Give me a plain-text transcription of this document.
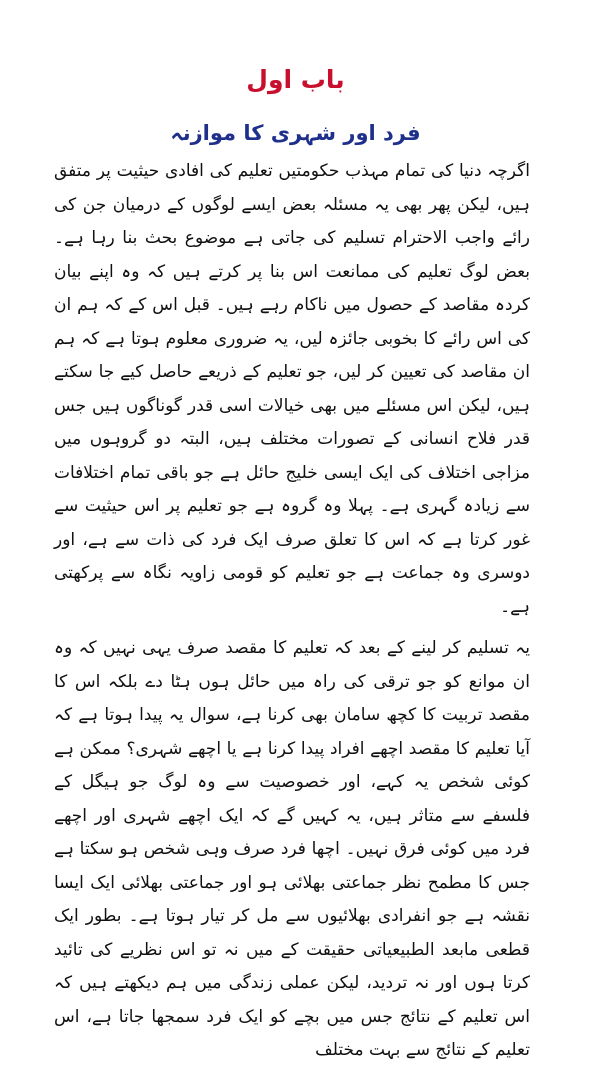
باب اول
فرد اور شہری کا موازنہ

اگرچہ دنیا کی تمام مہذب حکومتیں تعلیم کی افادی حیثیت پر متفق ہیں، لیکن پھر بھی یہ مسئلہ بعض ایسے لوگوں کے درمیان جن کی رائے واجب الاحترام تسلیم کی جاتی ہے موضوع بحث بنا رہا ہے۔ بعض لوگ تعلیم کی ممانعت اس بنا پر کرتے ہیں کہ وہ اپنے بیان کردہ مقاصد کے حصول میں ناکام رہے ہیں۔ قبل اس کے کہ ہم ان کی اس رائے کا بخوبی جائزہ لیں، یہ ضروری معلوم ہوتا ہے کہ ہم ان مقاصد کی تعیین کر لیں، جو تعلیم کے ذریعے حاصل کیے جا سکتے ہیں، لیکن اس مسئلے میں بھی خیالات اسی قدر گوناگوں ہیں جس قدر فلاح انسانی کے تصورات مختلف ہیں، البتہ دو گروہوں میں مزاجی اختلاف کی ایک ایسی خلیج حائل ہے جو باقی تمام اختلافات سے زیادہ گہری ہے۔ پہلا وہ گروہ ہے جو تعلیم پر اس حیثیت سے غور کرتا ہے کہ اس کا تعلق صرف ایک فرد کی ذات سے ہے، اور دوسری وہ جماعت ہے جو تعلیم کو قومی زاویہ نگاہ سے پرکھتی ہے۔

یہ تسلیم کر لینے کے بعد کہ تعلیم کا مقصد صرف یہی نہیں کہ وہ ان موانع کو جو ترقی کی راہ میں حائل ہوں ہٹا دے بلکہ اس کا مقصد تربیت کا کچھ سامان بھی کرنا ہے، سوال یہ پیدا ہوتا ہے کہ آیا تعلیم کا مقصد اچھے افراد پیدا کرنا ہے یا اچھے شہری؟ ممکن ہے کوئی شخص یہ کہے، اور خصوصیت سے وہ لوگ جو ہیگل کے فلسفے سے متاثر ہیں، یہ کہیں گے کہ ایک اچھے شہری اور اچھے فرد میں کوئی فرق نہیں۔ اچھا فرد صرف وہی شخص ہو سکتا ہے جس کا مطمح نظر جماعتی بھلائی ہو اور جماعتی بھلائی ایک ایسا نقشہ ہے جو انفرادی بھلائیوں سے مل کر تیار ہوتا ہے۔ بطور ایک قطعی مابعد الطبیعیاتی حقیقت کے میں نہ تو اس نظریے کی تائید کرتا ہوں اور نہ تردید، لیکن عملی زندگی میں ہم دیکھتے ہیں کہ اس تعلیم کے نتائج جس میں بچے کو ایک فرد سمجھا جاتا ہے، اس تعلیم کے نتائج سے بہت مختلف
